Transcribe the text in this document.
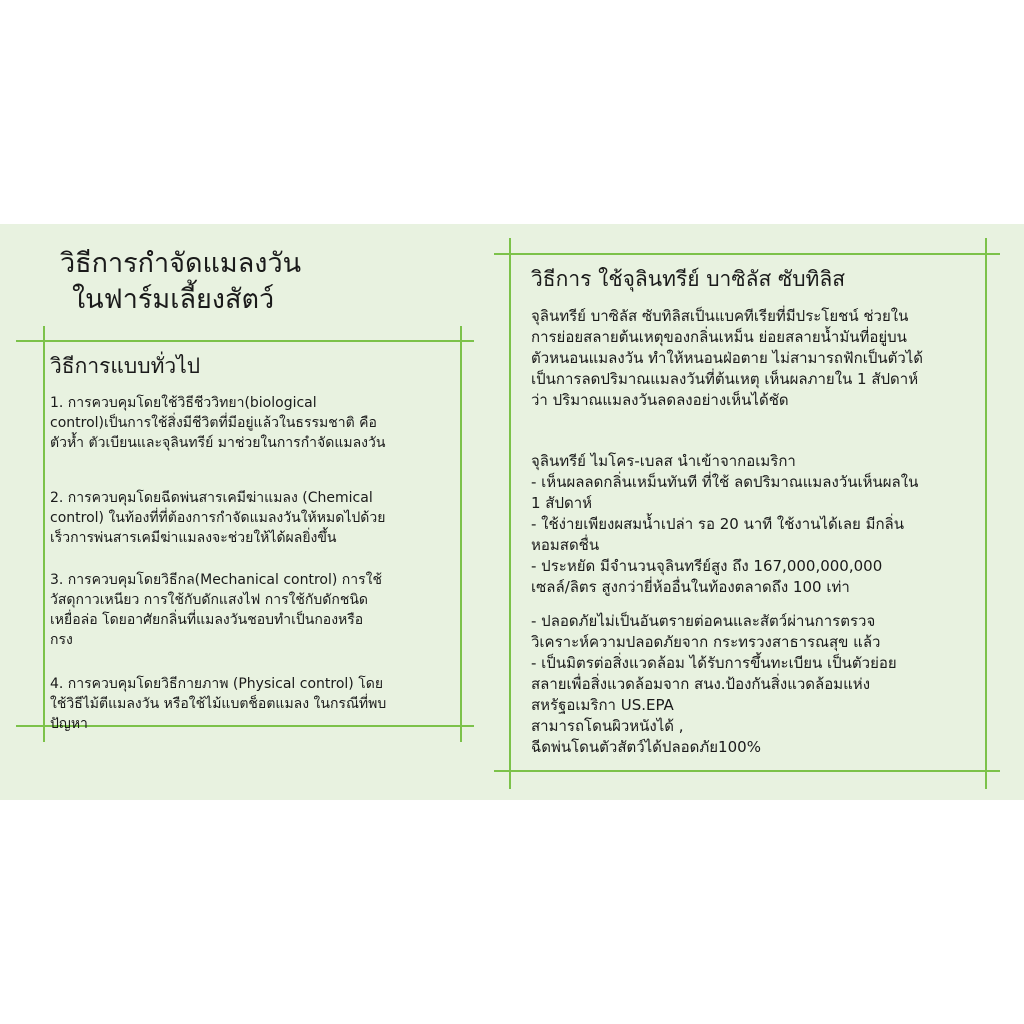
วิธีการกำจัดแมลงวัน
ในฟาร์มเลี้ยงสัตว์
วิธีการแบบทั่วไป
1. การควบคุมโดยใช้วิธีชีววิทยา(biological
control)เป็นการใช้สิ่งมีชีวิตที่มีอยู่แล้วในธรรมชาติ คือ
ตัวห้ำ ตัวเบียนและจุลินทรีย์ มาช่วยในการกำจัดแมลงวัน
2. การควบคุมโดยฉีดพ่นสารเคมีฆ่าแมลง (Chemical
control) ในท้องที่ที่ต้องการกำจัดแมลงวันให้หมดไปด้วย
เร็วการพ่นสารเคมีฆ่าแมลงจะช่วยให้ได้ผลยิ่งขึ้น
3. การควบคุมโดยวิธีกล(Mechanical control) การใช้
วัสดุกาวเหนียว การใช้กับดักแสงไฟ การใช้กับดักชนิด
เหยื่อล่อ โดยอาศัยกลิ่นที่แมลงวันชอบทำเป็นกองหรือ
กรง
4. การควบคุมโดยวิธีกายภาพ (Physical control) โดย
ใช้วิธีไม้ตีแมลงวัน หรือใช้ไม้แบตช็อตแมลง ในกรณีที่พบ
ปัญหา
วิธีการ ใช้จุลินทรีย์ บาซิลัส ซับทิลิส
จุลินทรีย์ บาซิลัส ซับทิลิสเป็นแบคทีเรียที่มีประโยชน์ ช่วยใน
การย่อยสลายต้นเหตุของกลิ่นเหม็น ย่อยสลายน้ำมันที่อยู่บน
ตัวหนอนแมลงวัน ทำให้หนอนฝ่อตาย ไม่สามารถฟักเป็นตัวได้
เป็นการลดปริมาณแมลงวันที่ต้นเหตุ เห็นผลภายใน 1 สัปดาห์
ว่า ปริมาณแมลงวันลดลงอย่างเห็นได้ชัด
จุลินทรีย์ ไมโคร-เบลส นำเข้าจากอเมริกา
- เห็นผลลดกลิ่นเหม็นทันที ที่ใช้ ลดปริมาณแมลงวันเห็นผลใน
1 สัปดาห์
- ใช้ง่ายเพียงผสมน้ำเปล่า รอ 20 นาที ใช้งานได้เลย มีกลิ่น
หอมสดชื่น
- ประหยัด มีจำนวนจุลินทรีย์สูง ถึง 167,000,000,000
เซลล์/ลิตร สูงกว่ายี่ห้ออื่นในท้องตลาดถึง 100 เท่า
- ปลอดภัยไม่เป็นอันตรายต่อคนและสัตว์ผ่านการตรวจ
วิเคราะห์ความปลอดภัยจาก กระทรวงสาธารณสุข แล้ว
- เป็นมิตรต่อสิ่งแวดล้อม ได้รับการขึ้นทะเบียน เป็นตัวย่อย
สลายเพื่อสิ่งแวดล้อมจาก สนง.ป้องกันสิ่งแวดล้อมแห่ง
สหรัฐอเมริกา US.EPA
สามารถโดนผิวหนังได้ ,
ฉีดพ่นโดนตัวสัตว์ได้ปลอดภัย100%
